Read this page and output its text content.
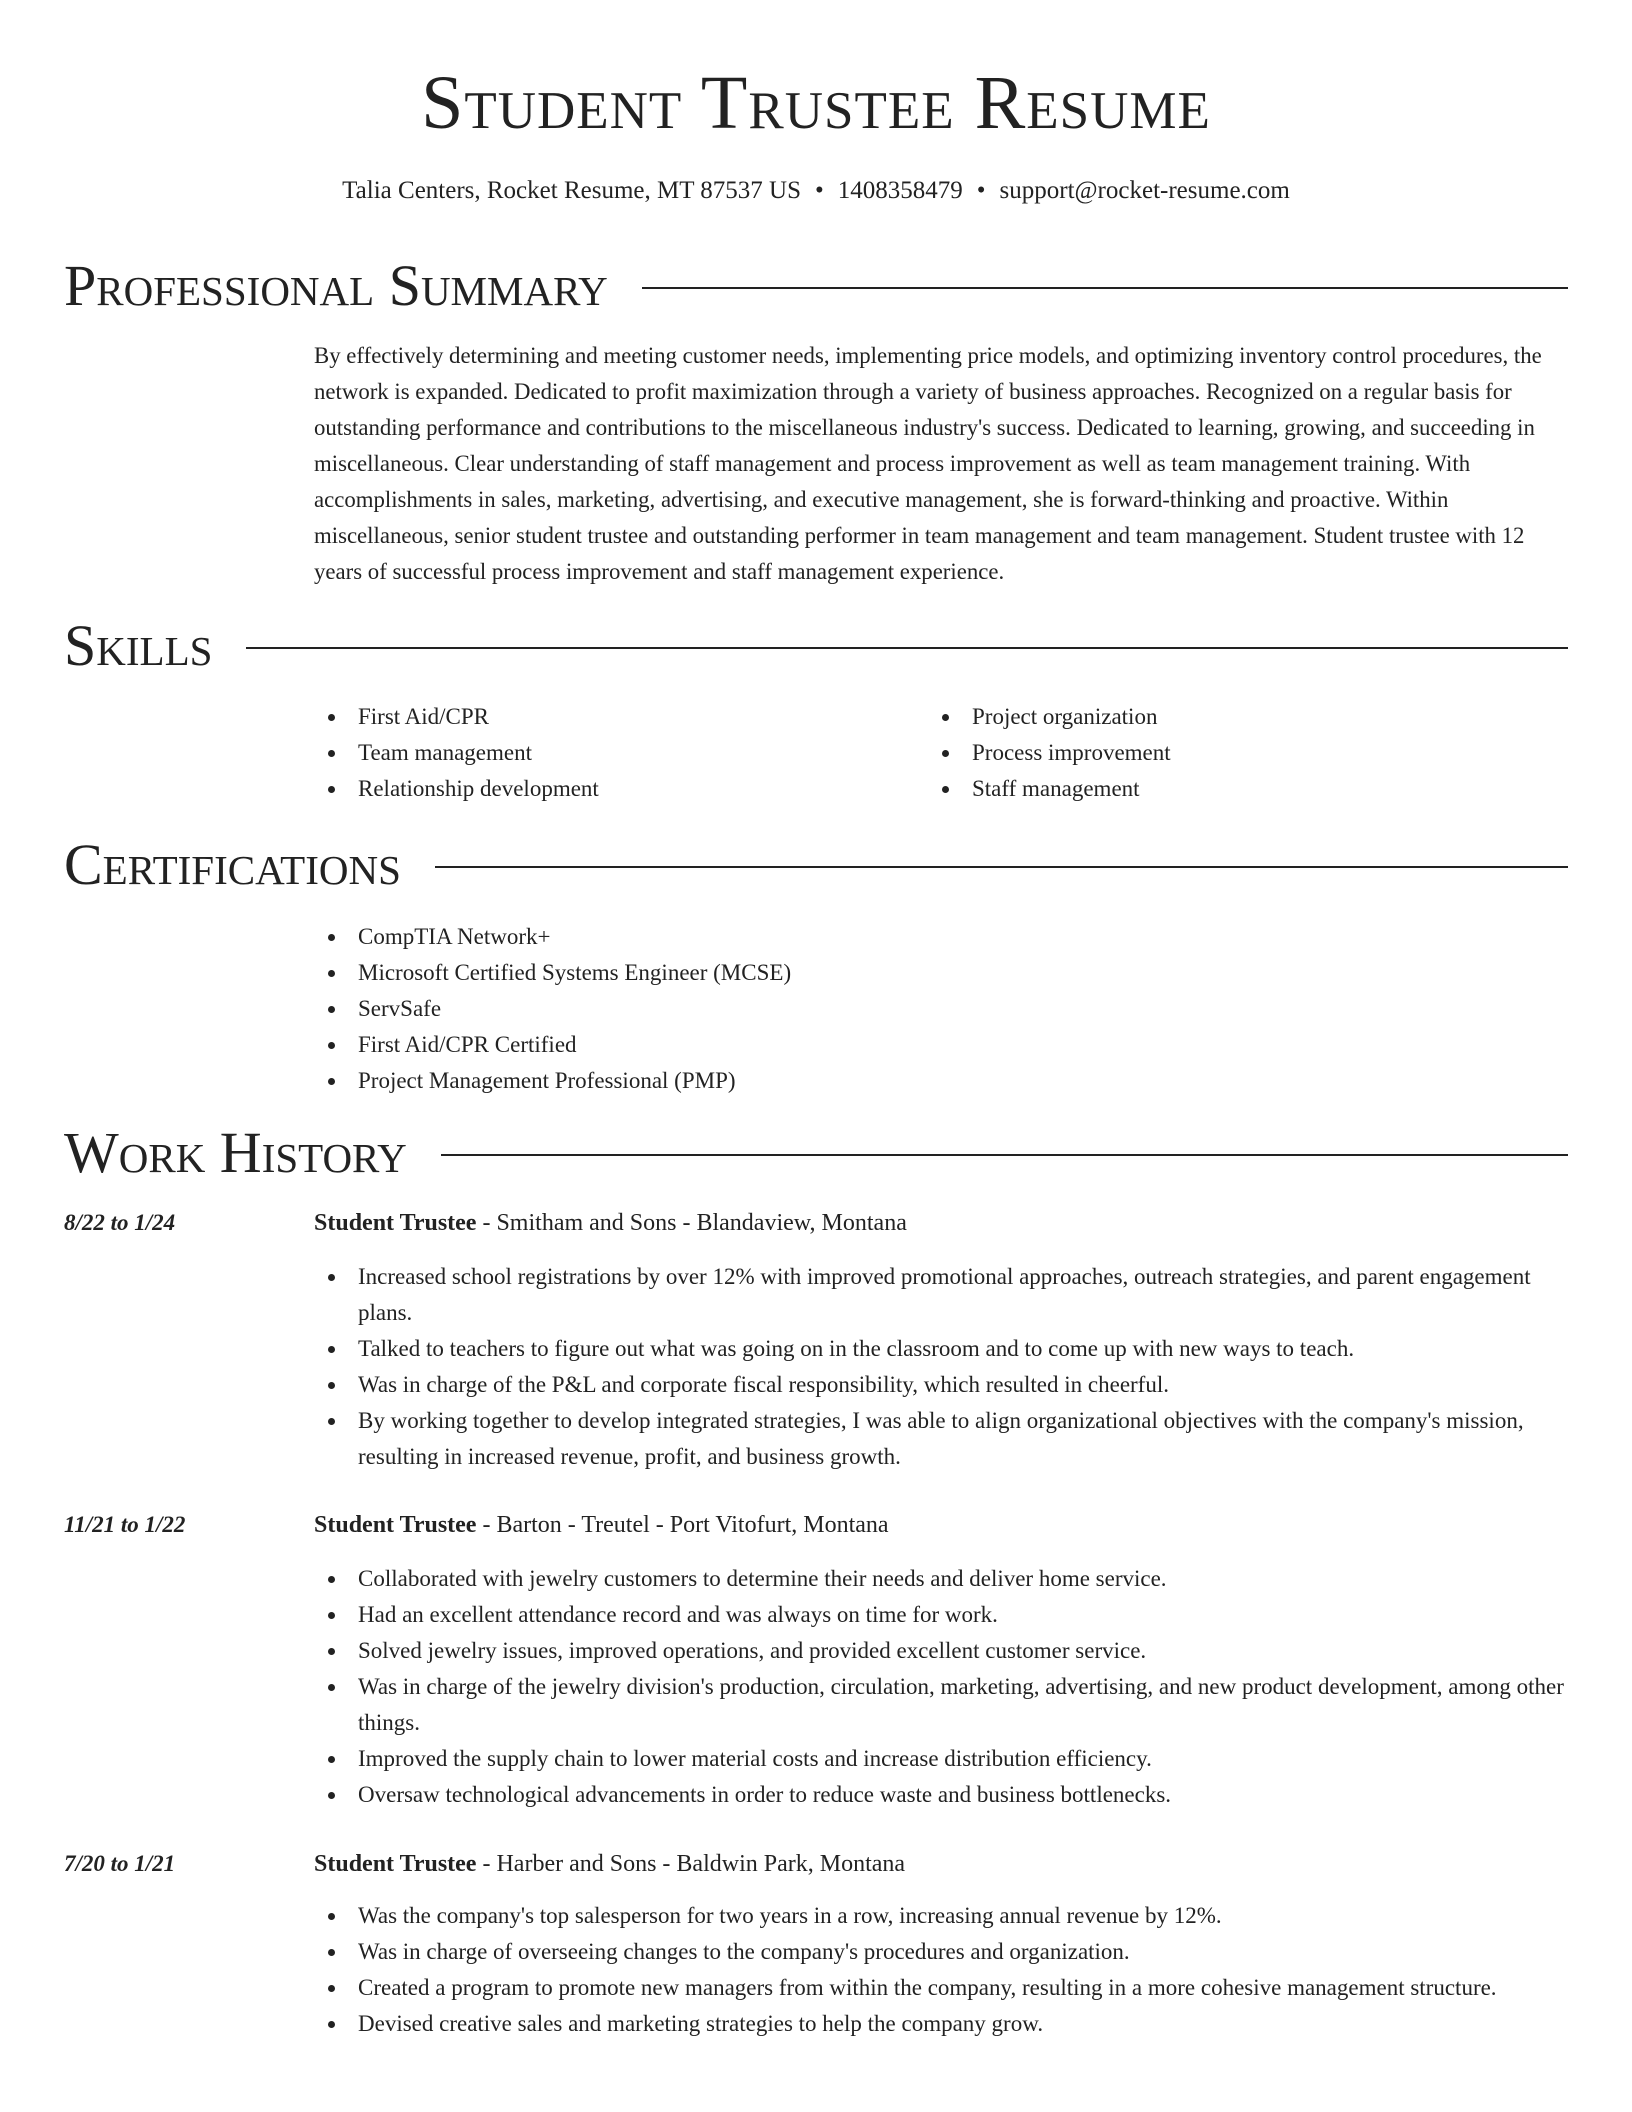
Student Trustee Resume
Talia Centers, Rocket Resume, MT 87537 US • 1408358479 • support@rocket-resume.com
Professional Summary

By effectively determining and meeting customer needs, implementing price models, and optimizing inventory control procedures, the network is expanded. Dedicated to profit maximization through a variety of business approaches. Recognized on a regular basis for outstanding performance and contributions to the miscellaneous industry's success. Dedicated to learning, growing, and succeeding in miscellaneous. Clear understanding of staff management and process improvement as well as team management training. With accomplishments in sales, marketing, advertising, and executive management, she is forward-thinking and proactive. Within miscellaneous, senior student trustee and outstanding performer in team management and team management. Student trustee with 12 years of successful process improvement and staff management experience.

Skills
First Aid/CPR
Team management
Relationship development
Project organization
Process improvement
Staff management
Certifications
CompTIA Network+
Microsoft Certified Systems Engineer (MCSE)
ServSafe
First Aid/CPR Certified
Project Management Professional (PMP)
Work History
8/22 to 1/24	Student Trustee - Smitham and Sons - Blandaview, Montana
Increased school registrations by over 12% with improved promotional approaches, outreach strategies, and parent engagement plans.
Talked to teachers to figure out what was going on in the classroom and to come up with new ways to teach.
Was in charge of the P&L and corporate fiscal responsibility, which resulted in cheerful.
By working together to develop integrated strategies, I was able to align organizational objectives with the company's mission, resulting in increased revenue, profit, and business growth.
11/21 to 1/22	Student Trustee - Barton - Treutel - Port Vitofurt, Montana
Collaborated with jewelry customers to determine their needs and deliver home service.
Had an excellent attendance record and was always on time for work.
Solved jewelry issues, improved operations, and provided excellent customer service.
Was in charge of the jewelry division's production, circulation, marketing, advertising, and new product development, among other things.
Improved the supply chain to lower material costs and increase distribution efficiency.
Oversaw technological advancements in order to reduce waste and business bottlenecks.
7/20 to 1/21	Student Trustee - Harber and Sons - Baldwin Park, Montana
Was the company's top salesperson for two years in a row, increasing annual revenue by 12%.
Was in charge of overseeing changes to the company's procedures and organization.
Created a program to promote new managers from within the company, resulting in a more cohesive management structure.
Devised creative sales and marketing strategies to help the company grow.
